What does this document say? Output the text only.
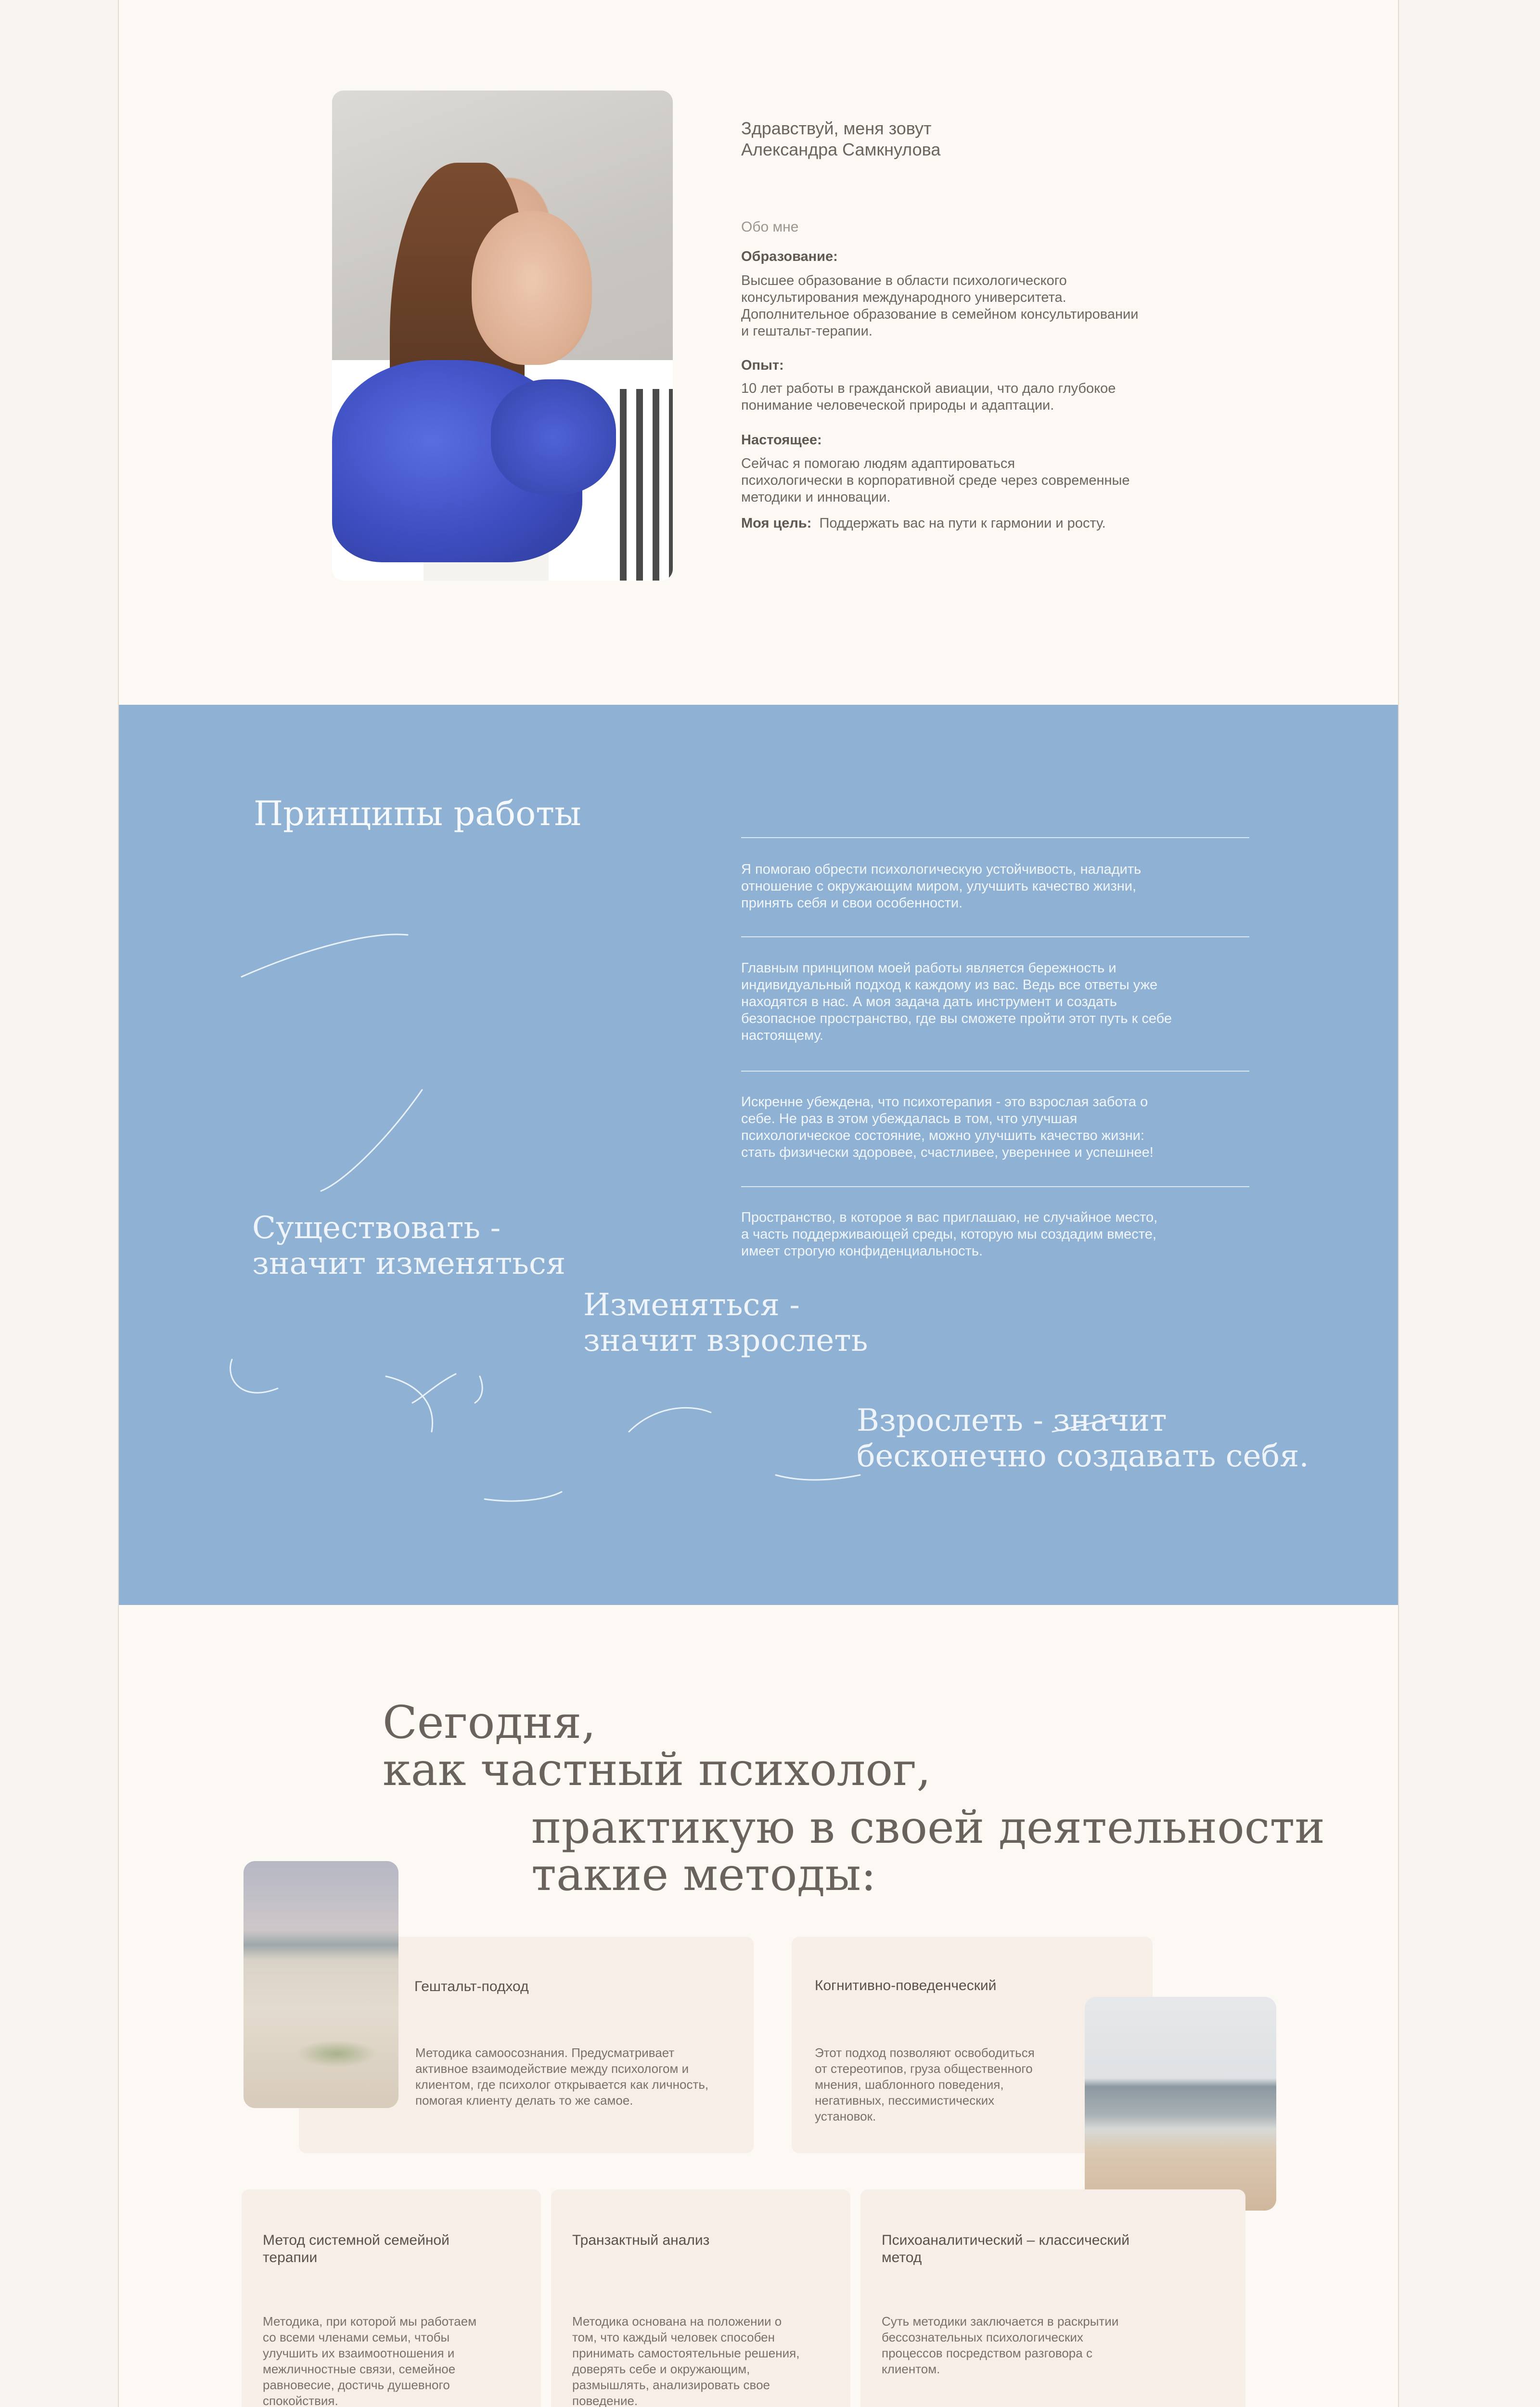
Здравствуй, меня зовут
Александра Самкнулова
Обо мне
Образование:
Высшее образование в области психологического
консультирования международного университета.
Дополнительное образование в семейном консультировании
и гештальт-терапии.
Опыт:
10 лет работы в гражданской авиации, что дало глубокое
понимание человеческой природы и адаптации.
Настоящее:
Сейчас я помогаю людям адаптироваться
психологически в корпоративной среде через современные
методики и инновации.
Моя цель: Поддержать вас на пути к гармонии и росту.
Принципы работы
Я помогаю обрести психологическую устойчивость, наладить
отношение с окружающим миром, улучшить качество жизни,
принять себя и свои особенности.
Главным принципом моей работы является бережность и
индивидуальный подход к каждому из вас. Ведь все ответы уже
находятся в нас. А моя задача дать инструмент и создать
безопасное пространство, где вы сможете пройти этот путь к себе
настоящему.
Искренне убеждена, что психотерапия - это взрослая забота о
себе. Не раз в этом убеждалась в том, что улучшая
психологическое состояние, можно улучшить качество жизни:
стать физически здоровее, счастливее, увереннее и успешнее!
Пространство, в которое я вас приглашаю, не случайное место,
а часть поддерживающей среды, которую мы создадим вместе,
имеет строгую конфиденциальность.
Существовать -
значит изменяться
Изменяться -
значит взрослеть
Взрослеть - значит
бесконечно создавать себя.
Сегодня,
как частный психолог,
практикую в своей деятельности
такие методы:
Гештальт-подход
Методика самоосознания. Предусматривает
активное взаимодействие между психологом и
клиентом, где психолог открывается как личность,
помогая клиенту делать то же самое.
Когнитивно-поведенческий
Этот подход позволяют освободиться
от стереотипов, груза общественного
мнения, шаблонного поведения,
негативных, пессимистических
установок.
Метод системной семейной
терапии
Методика, при которой мы работаем
со всеми членами семьи, чтобы
улучшить их взаимоотношения и
межличностные связи, семейное
равновесие, достичь душевного
спокойствия.
Транзактный анализ
Методика основана на положении о
том, что каждый человек способен
принимать самостоятельные решения,
доверять себе и окружающим,
размышлять, анализировать свое
поведение.
Психоаналитический – классический
метод
Суть методики заключается в раскрытии
бессознательных психологических
процессов посредством разговора с
клиентом.
